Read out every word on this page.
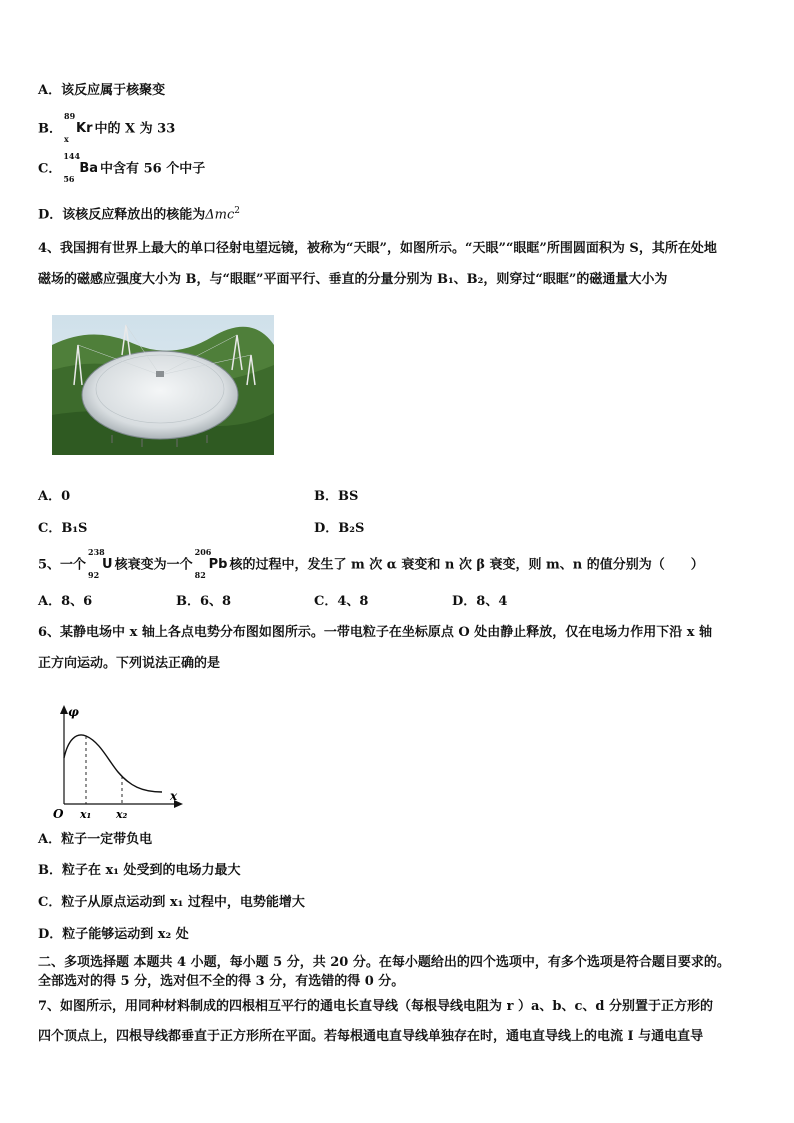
A．该反应属于核聚变
B．
89
x
Kr 中的 X 为 33
C．
144
56
Ba 中含有 56 个中子
D．该核反应释放出的核能为Δmc$^2$
4、我国拥有世界上最大的单口径射电望远镜，被称为“天眼”，如图所示。“天眼”“眼眶”所围圆面积为 S，其所在处地
磁场的磁感应强度大小为 B，与“眼眶”平面平行、垂直的分量分别为 B₁、B₂，则穿过“眼眶”的磁通量大小为
A．0	B．BS
C．B₁S	D．B₂S
5、一个
238
92
U 核衰变为一个
206
82
Pb 核的过程中，发生了 m 次 α 衰变和 n 次 β 衰变，则 m、n 的值分别为（　　）
A．8、6	B．6、8	C．4、8	D．8、4
6、某静电场中 x 轴上各点电势分布图如图所示。一带电粒子在坐标原点 O 处由静止释放，仅在电场力作用下沿 x 轴
正方向运动。下列说法正确的是
φ
O x₁ x₂
x
A．粒子一定带负电
B．粒子在 x₁ 处受到的电场力最大
C．粒子从原点运动到 x₁ 过程中，电势能增大
D．粒子能够运动到 x₂ 处
二、多项选择题 本题共 4 小题，每小题 5 分，共 20 分。在每小题给出的四个选项中，有多个选项是符合题目要求的。
全部选对的得 5 分，选对但不全的得 3 分，有选错的得 0 分。
7、如图所示，用同种材料制成的四根相互平行的通电长直导线（每根导线电阻为 r ）a、b、c、d 分别置于正方形的
四个顶点上，四根导线都垂直于正方形所在平面。若每根通电直导线单独存在时，通电直导线上的电流 I 与通电直导
